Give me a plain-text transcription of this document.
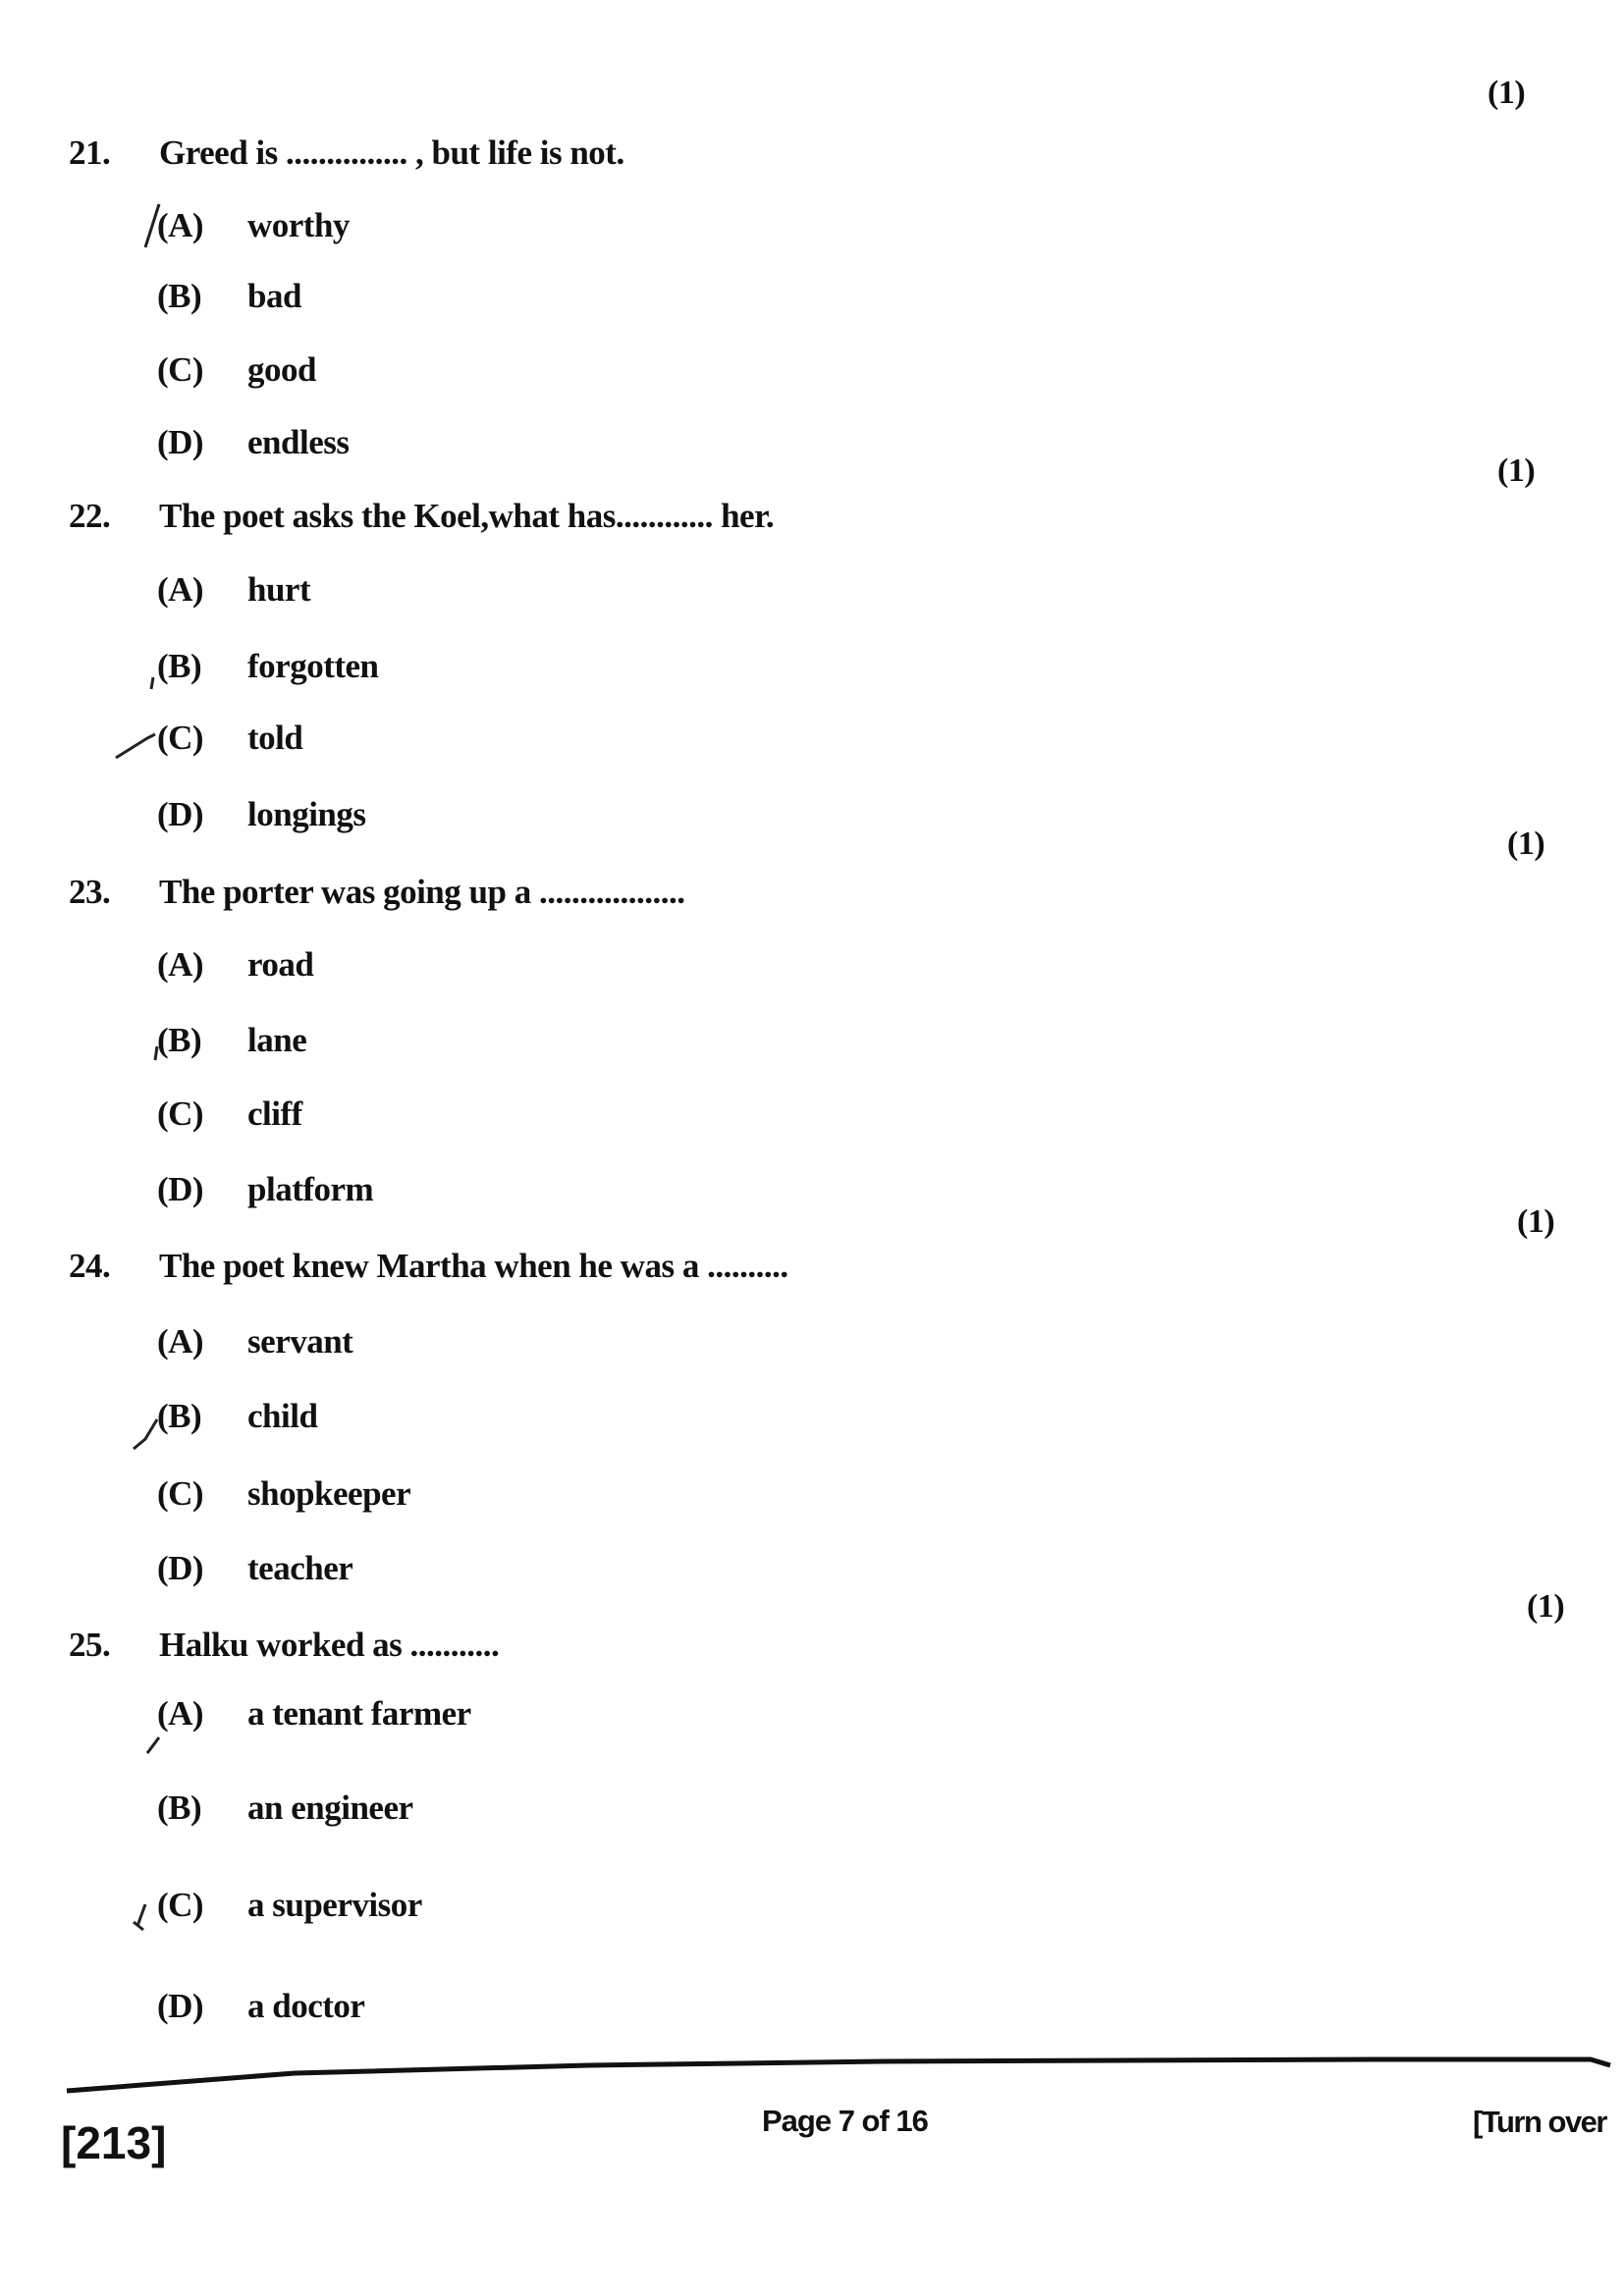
(1)
21. Greed is ............... , but life is not.
(A) worthy
(B) bad
(C) good
(D) endless
(1)
22. The poet asks the Koel,what has............ her.
(A) hurt
(B) forgotten
(C) told
(D) longings
(1)
23. The porter was going up a ..................
(A) road
(B) lane
(C) cliff
(D) platform
(1)
24. The poet knew Martha when he was a ..........
(A) servant
(B) child
(C) shopkeeper
(D) teacher
(1)
25. Halku worked as ...........
(A) a tenant farmer
(B) an engineer
(C) a supervisor
(D) a doctor
[213]	Page 7 of 16	[Turn over
